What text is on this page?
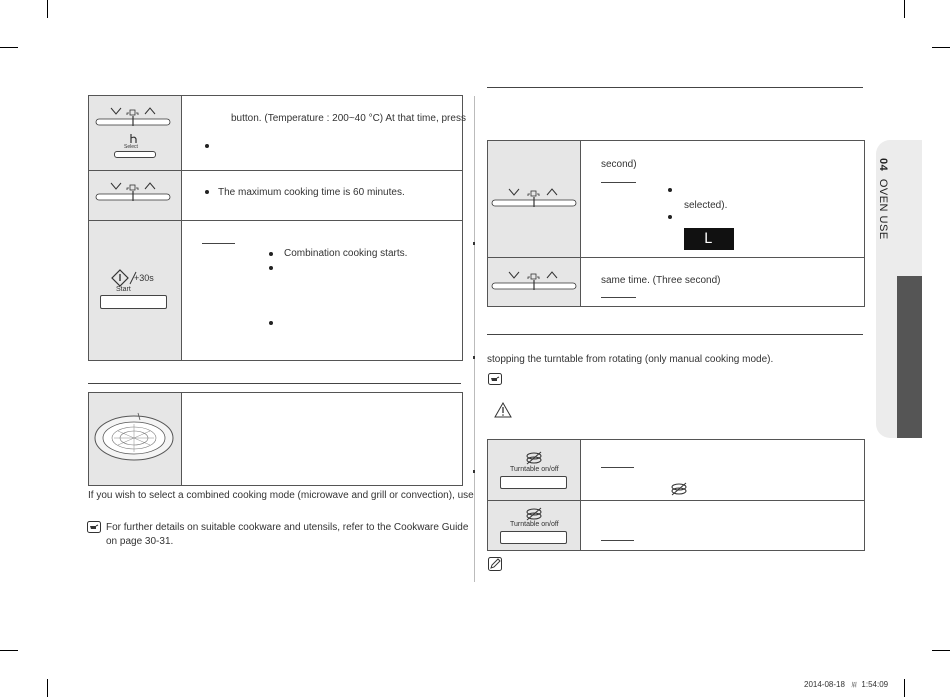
Select
button. (Temperature : 200~40 °C) At that time, press
The maximum cooking time is 60 minutes.
+30s
Start
Combination cooking starts.
If you wish to select a combined cooking mode (microwave and grill or convection), use
For further details on suitable cookware and utensils, refer to the Cookware Guide
on page 30-31.
second)
selected).
L
same time. (Three second)
stopping the turntable from rotating (only manual cooking mode).
Turntable on/off
Turntable on/off
04 OVEN USE
2014-08-18 眉 1:54:09
